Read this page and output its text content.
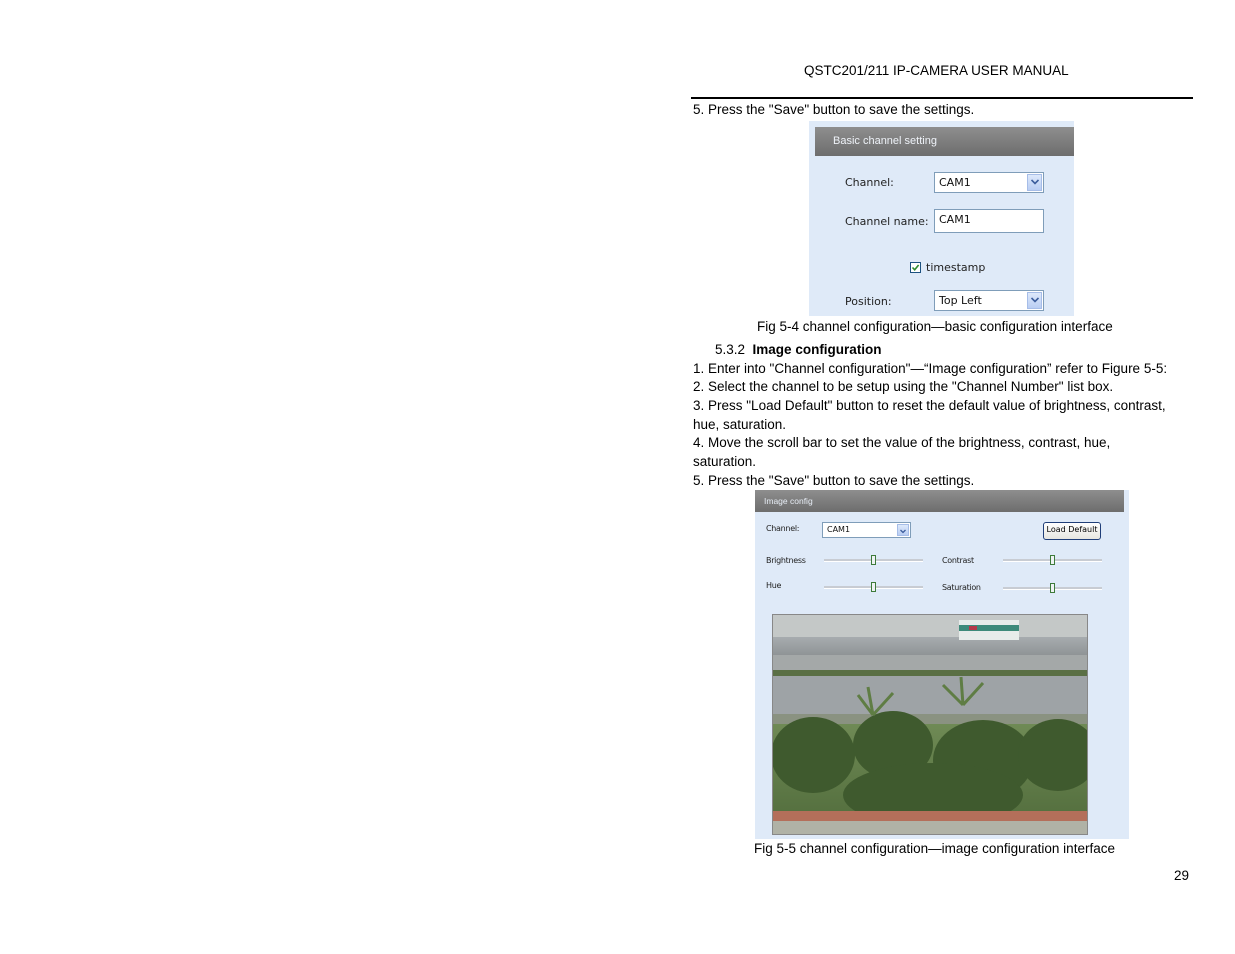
QSTC201/211 IP-CAMERA USER MANUAL
5. Press the "Save" button to save the settings.
Basic channel setting
Channel:	CAM1
Channel name: CAM1
timestamp
Position:	Top Left
Fig 5-4 channel configuration—basic configuration interface
5.3.2 Image configuration
1. Enter into "Channel configuration"—“Image configuration” refer to Figure 5-5:
2. Select the channel to be setup using the "Channel Number" list box.
3. Press "Load Default" button to reset the default value of brightness, contrast,
hue, saturation.
4. Move the scroll bar to set the value of the brightness, contrast, hue,
saturation.
5. Press the "Save" button to save the settings.
Image config
Channel:	CAM1	Load Default
Brightness	Contrast
Hue	Saturation
Fig 5-5 channel configuration—image configuration interface
29
